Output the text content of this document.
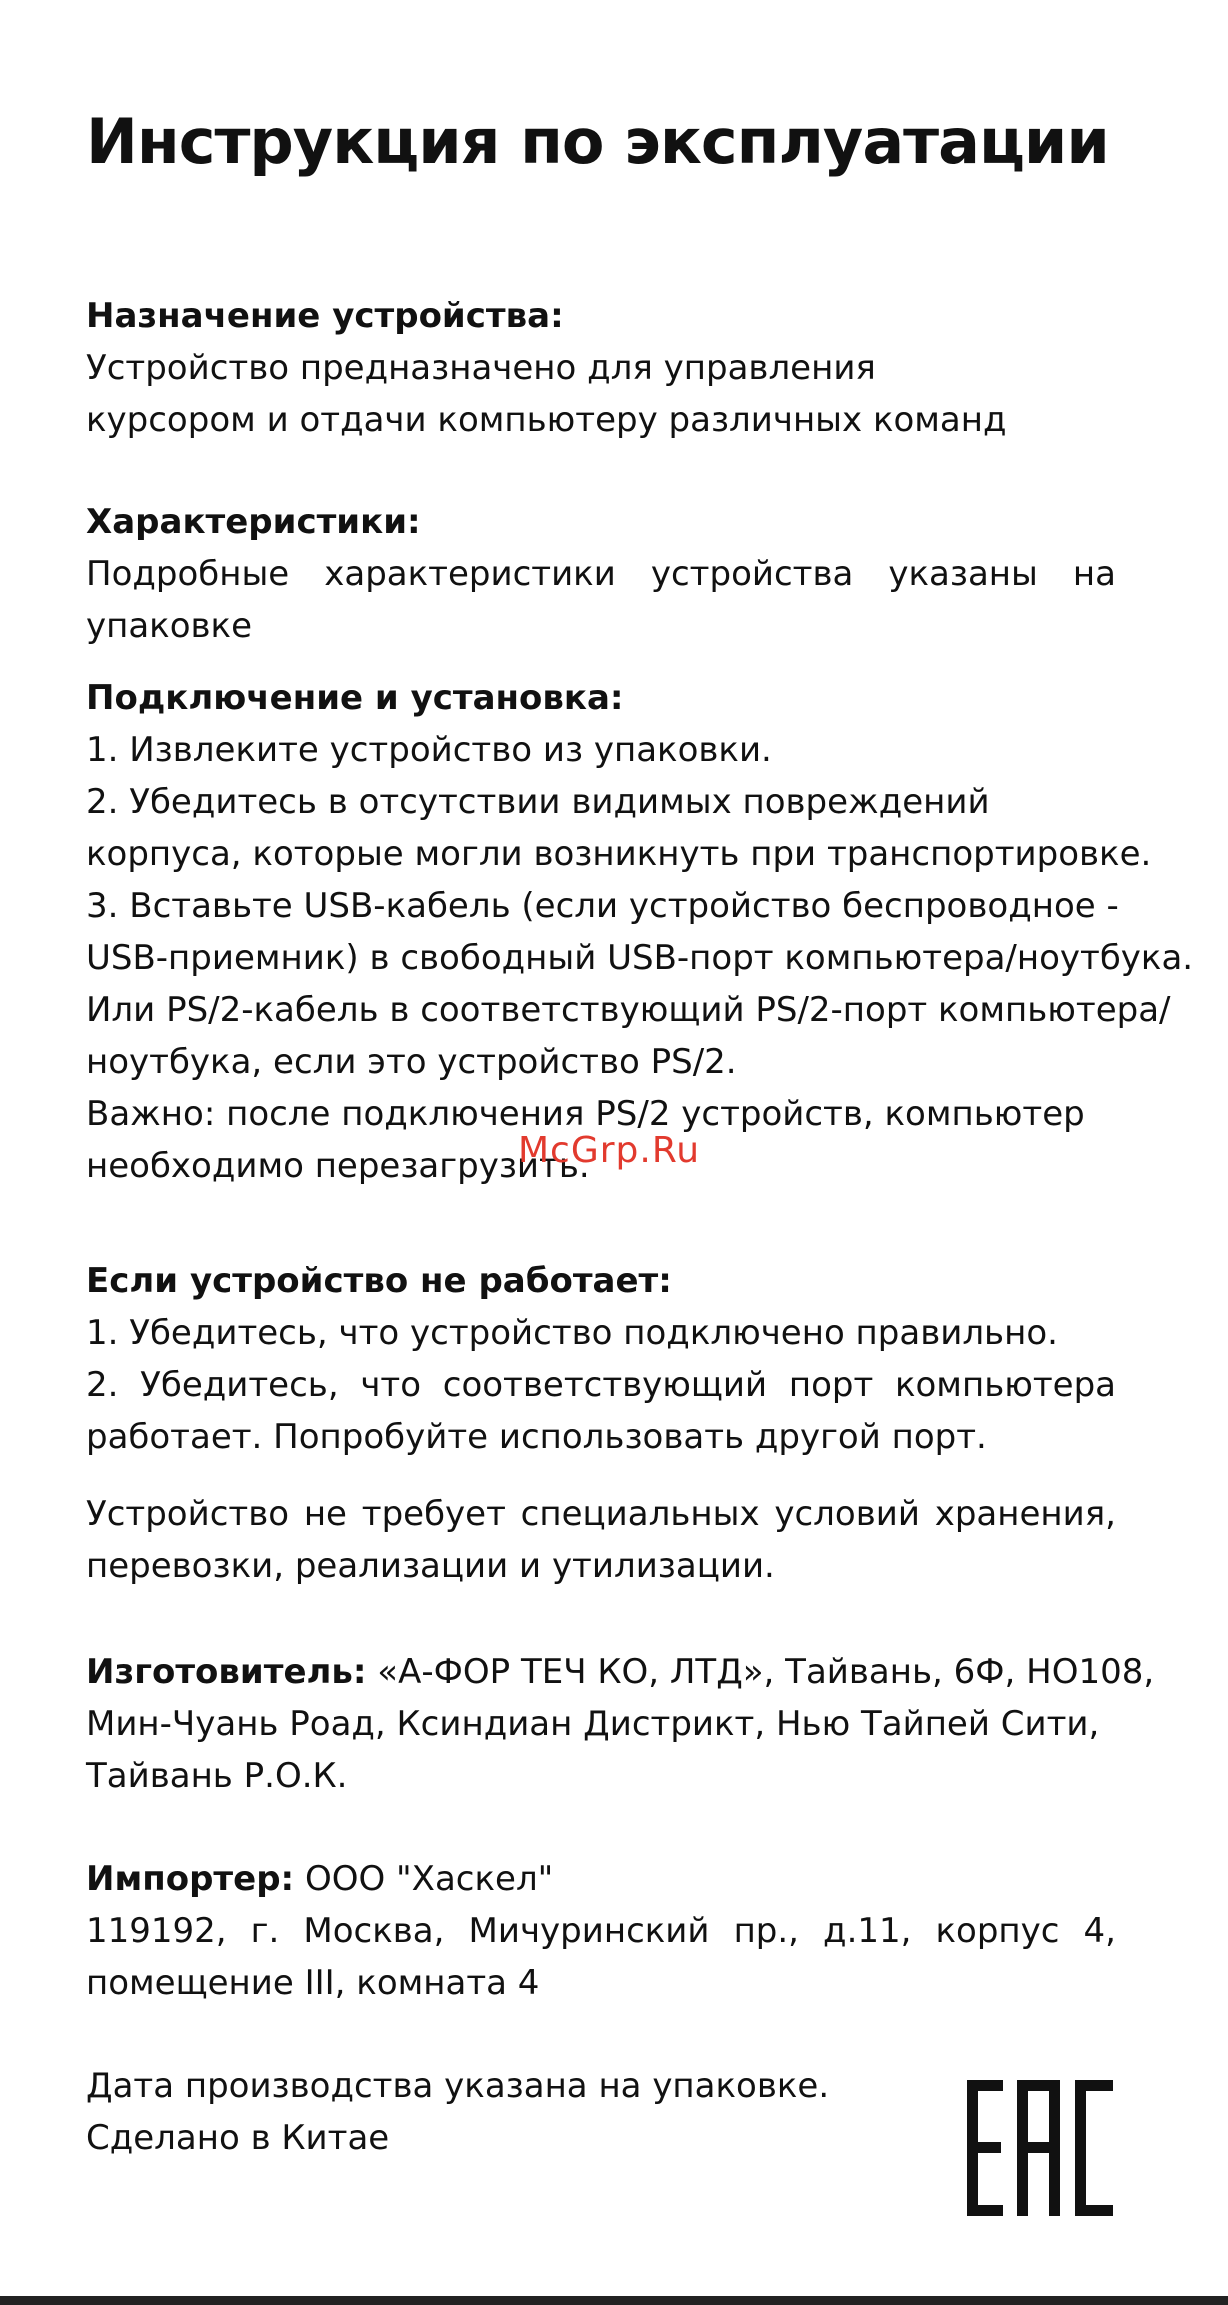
Инструкция по эксплуатации

Назначение устройства:

Устройство предназначено для управления

курсором и отдачи компьютеру различных команд

Характеристики:

Подробные характеристики устройства указаны на

упаковке

Подключение и установка:

1. Извлеките устройство из упаковки.

2. Убедитесь в отсутствии видимых повреждений

корпуса, которые могли возникнуть при транспортировке.

3. Вставьте USB-кабель (если устройство беспроводное -

USB-приемник) в свободный USB-порт компьютера/ноутбука.

Или PS/2-кабель в соответствующий PS/2-порт компьютера/

ноутбука, если это устройство PS/2.

Важно: после подключения PS/2 устройств, компьютер

необходимо перезагрузить.

Если устройство не работает:

1. Убедитесь, что устройство подключено правильно.

2. Убедитесь, что соответствующий порт компьютера

работает. Попробуйте использовать другой порт.

Устройство не требует специальных условий хранения,

перевозки, реализации и утилизации.

Изготовитель: «А-ФОР ТЕЧ КО, ЛТД», Тайвань, 6Ф, НО108,

Мин-Чуань Роад, Ксиндиан Дистрикт, Нью Тайпей Сити,

Тайвань Р.О.К.

Импортер: ООО "Хаскел"

119192, г. Москва, Мичуринский пр., д.11, корпус 4,

помещение III, комната 4

Дата производства указана на упаковке.

Сделано в Китае

McGrp.Ru
